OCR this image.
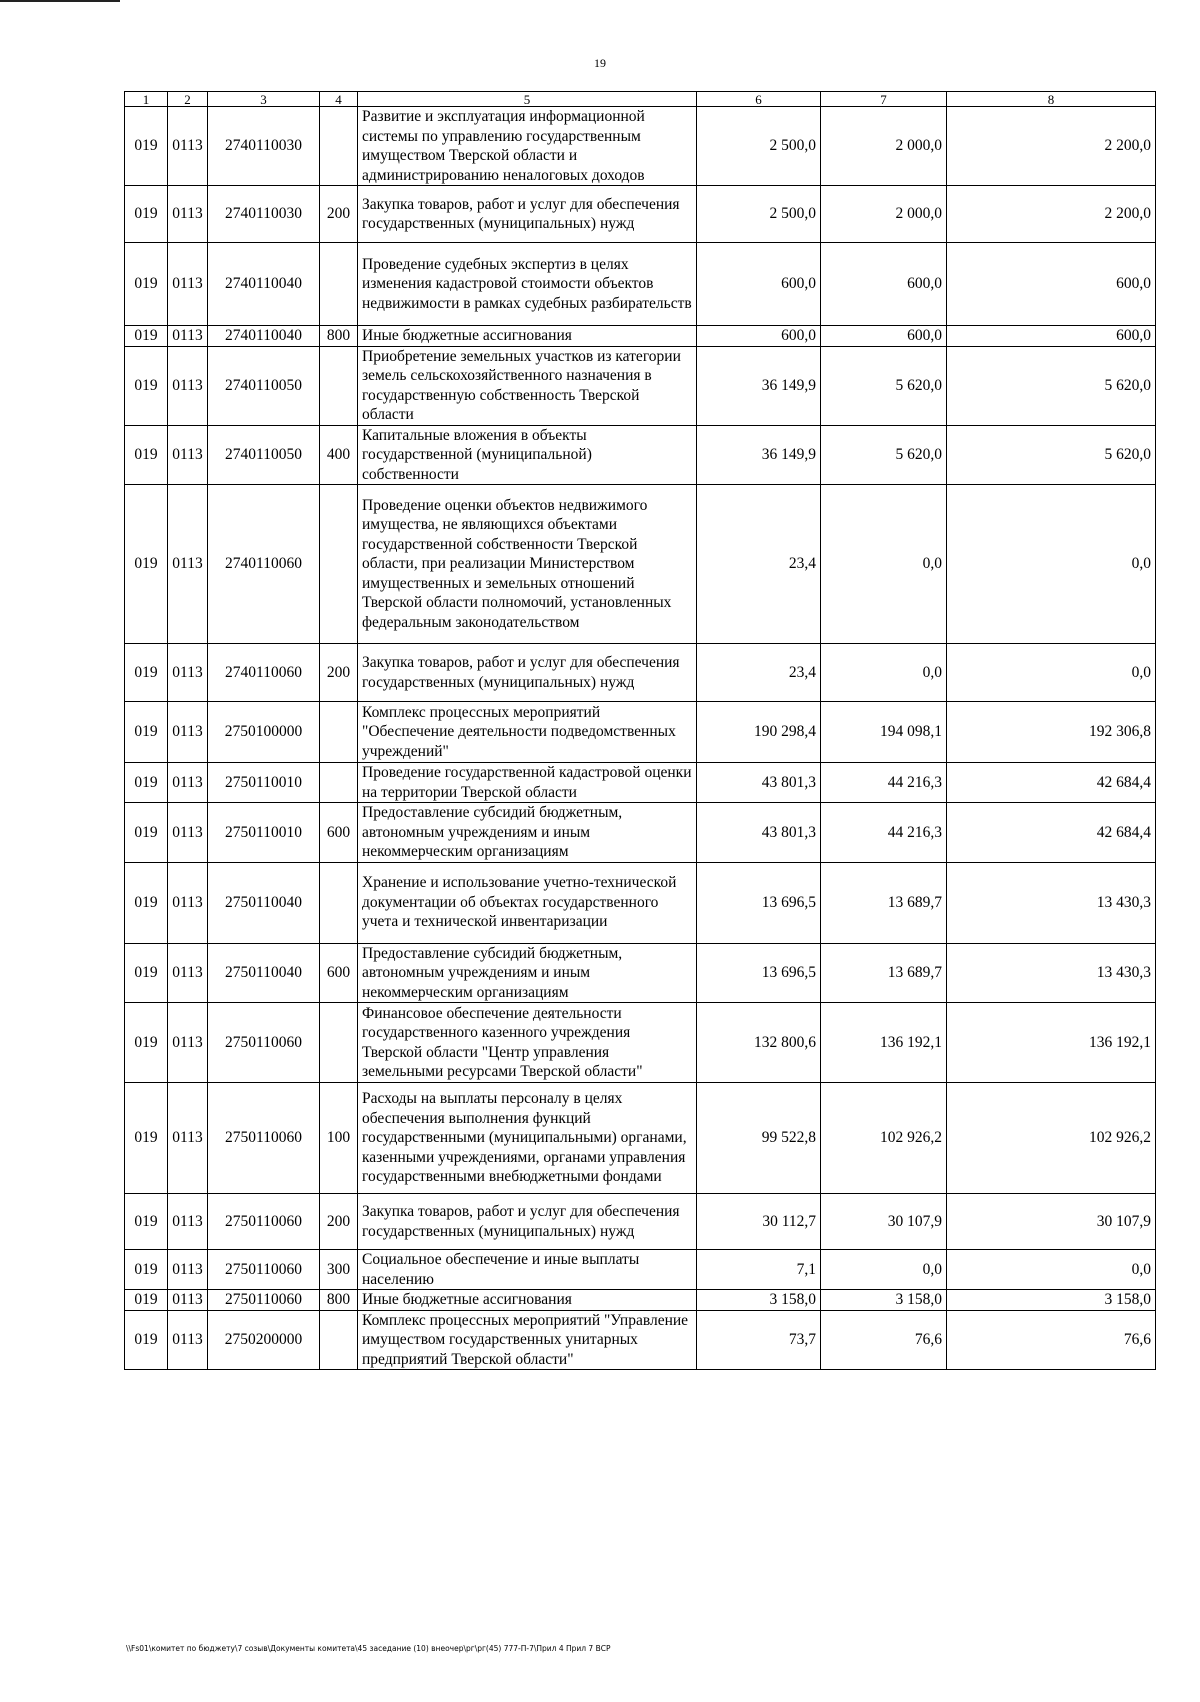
19
1	2	3	4	5	6	7	8
019	0113	2740110030		Развитие и эксплуатация информационной системы по управлению государственным имуществом Тверской области и администрированию неналоговых доходов	2 500,0	2 000,0	2 200,0
019	0113	2740110030	200	Закупка товаров, работ и услуг для обеспечения государственных (муниципальных) нужд	2 500,0	2 000,0	2 200,0
019	0113	2740110040		Проведение судебных экспертиз в целях изменения кадастровой стоимости объектов недвижимости в рамках судебных разбирательств	600,0	600,0	600,0
019	0113	2740110040	800	Иные бюджетные ассигнования	600,0	600,0	600,0
019	0113	2740110050		Приобретение земельных участков из категории земель сельскохозяйственного назначения в государственную собственность Тверской области	36 149,9	5 620,0	5 620,0
019	0113	2740110050	400	Капитальные вложения в объекты государственной (муниципальной) собственности	36 149,9	5 620,0	5 620,0
019	0113	2740110060		Проведение оценки объектов недвижимого имущества, не являющихся объектами государственной собственности Тверской области, при реализации Министерством имущественных и земельных отношений Тверской области полномочий, установленных федеральным законодательством	23,4	0,0	0,0
019	0113	2740110060	200	Закупка товаров, работ и услуг для обеспечения государственных (муниципальных) нужд	23,4	0,0	0,0
019	0113	2750100000		Комплекс процессных мероприятий "Обеспечение деятельности подведомственных учреждений"	190 298,4	194 098,1	192 306,8
019	0113	2750110010		Проведение государственной кадастровой оценки на территории Тверской области	43 801,3	44 216,3	42 684,4
019	0113	2750110010	600	Предоставление субсидий бюджетным, автономным учреждениям и иным некоммерческим организациям	43 801,3	44 216,3	42 684,4
019	0113	2750110040		Хранение и использование учетно-технической документации об объектах государственного учета и технической инвентаризации	13 696,5	13 689,7	13 430,3
019	0113	2750110040	600	Предоставление субсидий бюджетным, автономным учреждениям и иным некоммерческим организациям	13 696,5	13 689,7	13 430,3
019	0113	2750110060		Финансовое обеспечение деятельности государственного казенного учреждения Тверской области "Центр управления земельными ресурсами Тверской области"	132 800,6	136 192,1	136 192,1
019	0113	2750110060	100	Расходы на выплаты персоналу в целях обеспечения выполнения функций государственными (муниципальными) органами, казенными учреждениями, органами управления государственными внебюджетными фондами	99 522,8	102 926,2	102 926,2
019	0113	2750110060	200	Закупка товаров, работ и услуг для обеспечения государственных (муниципальных) нужд	30 112,7	30 107,9	30 107,9
019	0113	2750110060	300	Социальное обеспечение и иные выплаты населению	7,1	0,0	0,0
019	0113	2750110060	800	Иные бюджетные ассигнования	3 158,0	3 158,0	3 158,0
019	0113	2750200000		Комплекс процессных мероприятий "Управление имуществом государственных унитарных предприятий Тверской области"	73,7	76,6	76,6
\\Fs01\комитет по бюджету\7 созыв\Документы комитета\45 заседание (10) внеочер\рг\рг(45) 777-П-7\Прил 4 Прил 7 ВСР
